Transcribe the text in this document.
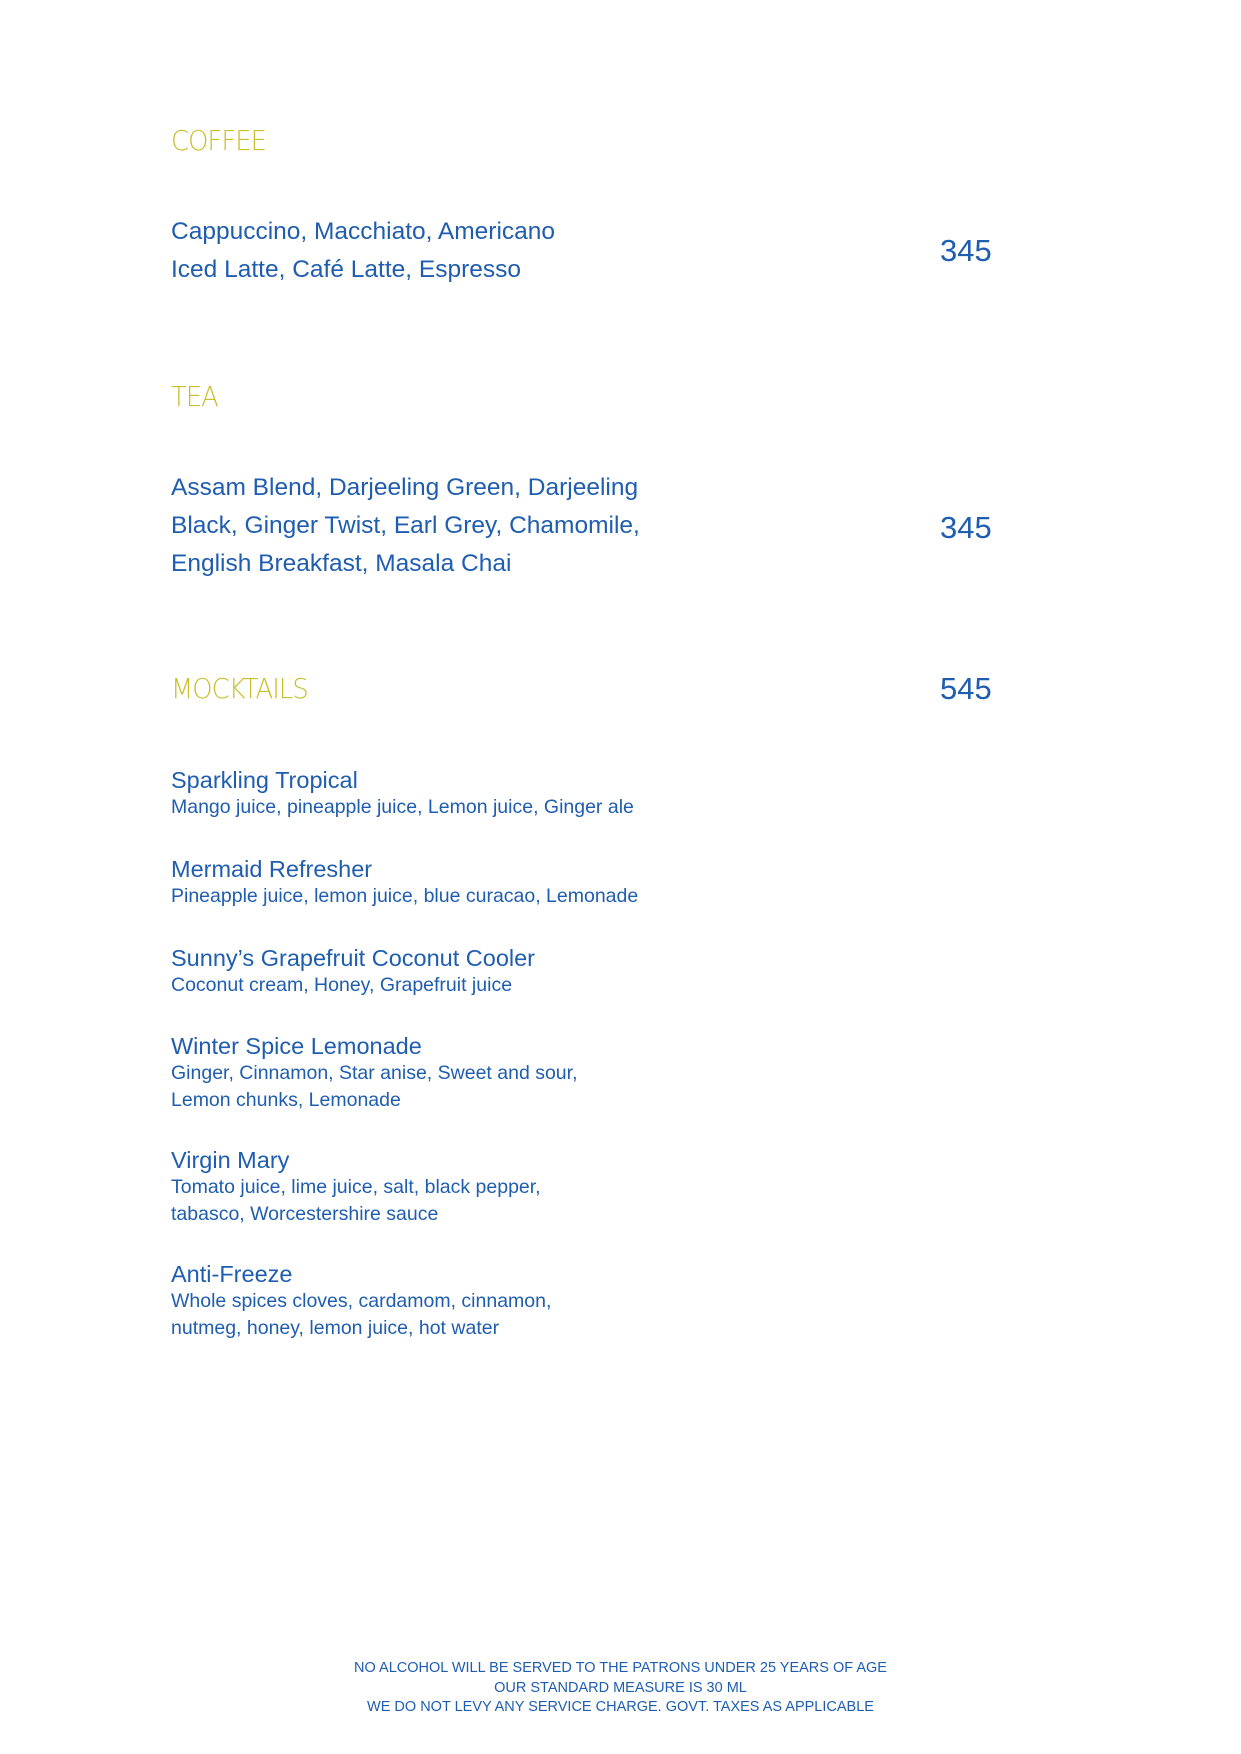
COFFEE
Cappuccino, Macchiato, Americano
Iced Latte, Café Latte, Espresso
345
TEA
Assam Blend, Darjeeling Green, Darjeeling
Black, Ginger Twist, Earl Grey, Chamomile,
English Breakfast, Masala Chai
345
MOCKTAILS	545
Sparkling Tropical
Mango juice, pineapple juice, Lemon juice, Ginger ale
Mermaid Refresher
Pineapple juice, lemon juice, blue curacao, Lemonade
Sunny’s Grapefruit Coconut Cooler
Coconut cream, Honey, Grapefruit juice
Winter Spice Lemonade
Ginger, Cinnamon, Star anise, Sweet and sour,
Lemon chunks, Lemonade
Virgin Mary
Tomato juice, lime juice, salt, black pepper,
tabasco, Worcestershire sauce
Anti-Freeze
Whole spices cloves, cardamom, cinnamon,
nutmeg, honey, lemon juice, hot water
NO ALCOHOL WILL BE SERVED TO THE PATRONS UNDER 25 YEARS OF AGE
OUR STANDARD MEASURE IS 30 ML
WE DO NOT LEVY ANY SERVICE CHARGE. GOVT. TAXES AS APPLICABLE
